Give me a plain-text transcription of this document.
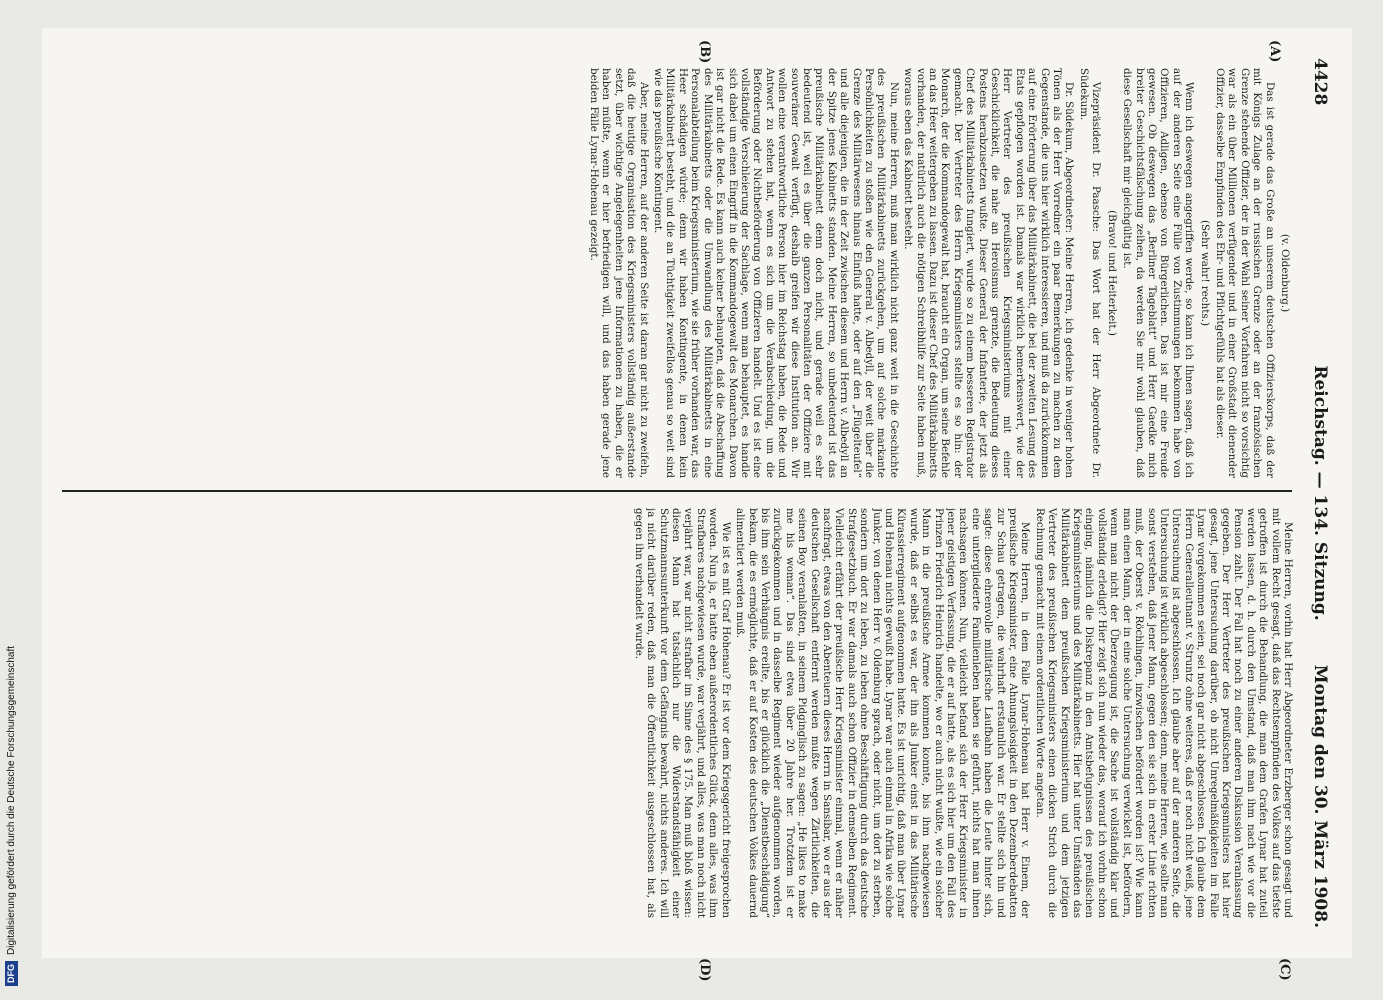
DFGDigitalisierung gefördert durch die Deutsche Forschungsgemeinschaft
4428
Reichstag. — 134. Sitzung.
Montag den 30. März 1908.
(A)
(B)
(C)
(D)

(v. Oldenburg.)

Das ist gerade das Große an unserem deutschen Offizierskorps, daß der mit Königs Zulage an der russischen Grenze oder an der französischen Grenze stehende Offizier, der in der Wahl seiner Vorfahren nicht so vorsichtig war als ein über Millionen verfügender und in einer Großstadt dienender Offizier, dasselbe Empfinden des Ehr- und Pflichtgefühls hat als dieser.

(Sehr wahr! rechts.)

Wenn ich deswegen angegriffen werde, so kann ich Ihnen sagen, daß ich auf der anderen Seite eine Fülle von Zustimmungen bekommen habe von Offizieren, Adligen, ebenso von Bürgerlichen. Das ist mir eine Freude gewesen. Ob deswegen das „Berliner Tageblatt“ und Herr Gaedke mich breiter Geschichtsfälschung zeihen, da werden Sie mir wohl glauben, daß diese Gesellschaft mir gleichgültig ist.

(Bravo! und Heiterkeit.)

Vizepräsident Dr. Paasche: Das Wort hat der Herr Abgeordnete Dr. Südekum.

Dr. Südekum, Abgeordneter: Meine Herren, ich gedenke in weniger hohen Tönen als der Herr Vorredner ein paar Bemerkungen zu machen zu dem Gegenstande, die uns hier wirklich interessieren, und muß da zurückkommen auf eine Erörterung über das Militärkabinett, die bei der zweiten Lesung des Etats gepflogen worden ist. Damals war wirklich bemerkenswert, wie der Herr Vertreter des preußischen Kriegsministeriums mit einer Geschicklichkeit, die nahe an Heroismus grenzte, die Bedeutung dieses Postens herabzusetzen wußte. Dieser General der Infanterie, der jetzt als Chef des Militärkabinetts fungiert, wurde so zu einem besseren Registrator gemacht. Der Vertreter des Herrn Kriegsministers stellte es so hin: der Monarch, der die Kommandogewalt hat, braucht ein Organ, um seine Befehle an das Heer weitergeben zu lassen. Dazu ist dieser Chef des Militärkabinetts vorhanden, der natürlich auch die nötigen Schreibhilfe zur Seite haben muß, woraus eben das Kabinett besteht.

Nun, meine Herren, muß man wirklich nicht ganz weit in die Geschichte des preußischen Militärkabinetts zurückgehen, um auf solche markante Persönlichkeiten zu stoßen wie den General v. Albedyll, der weit über die Grenze des Militärwesens hinaus Einfluß hatte, oder auf den „Flügelteufel“ und alle diejenigen, die in der Zeit zwischen diesem und Herrn v. Albedyll an der Spitze jenes Kabinetts standen. Meine Herren, so unbedeutend ist das preußische Militärkabinett denn doch nicht, und gerade weil es sehr bedeutend ist, weil es über die ganzen Personalitäten der Offiziere mit souveräner Gewalt verfügt, deshalb greifen wir diese Institution an. Wir wollen eine verantwortliche Person hier im Reichstag haben, die Rede und Antwort zu stehen hat, wenn es sich um die Verabschiedung, um die Beförderung oder Nichtbeförderung von Offizieren handelt. Und es ist eine vollständige Verschleierung der Sachlage, wenn man behauptet, es handle sich dabei um einen Eingriff in die Kommandogewalt des Monarchen. Davon ist gar nicht die Rede. Es kann auch keiner behaupten, daß die Abschaffung des Militärkabinetts oder die Umwandlung des Militärkabinetts in eine Personalabteilung beim Kriegsministerium, wie sie früher vorhanden war, das Heer schädigen würde; denn wir haben Kontingente, in denen kein Militärkabinett besteht, und die an Tüchtigkeit zweifellos genau so weit sind wie das preußische Kontingent.

Aber, meine Herren, auf der anderen Seite ist daran gar nicht zu zweifeln, daß die heutige Organisation des Kriegsministers vollständig außerstande setzt, über wichtige Angelegenheiten jene Informationen zu haben, die er haben müßte, wenn er hier befriedigen will, und das haben gerade jene beiden Fälle Lynar-Hohenau gezeigt.

Meine Herren, vorhin hat Herr Abgeordneter Erzberger schon gesagt und mit vollem Recht gesagt, daß das Rechtsempfinden des Volkes auf das tiefste getroffen ist durch die Behandlung, die man dem Grafen Lynar hat zuteil werden lassen, d. h. durch den Umstand, daß man ihm nach wie vor die Pension zahlt. Der Fall hat noch zu einer anderen Diskussion Veranlassung gegeben. Der Herr Vertreter des preußischen Kriegsministers hat hier gesagt, jene Untersuchung darüber, ob nicht Unregelmäßigkeiten im Falle Lynar vorgekommen seien, sei noch gar nicht abgeschlossen. Ich glaube dem Herrn Generalleutnant v. Struntz ohne weiteres, daß er noch nicht weiß, jene Untersuchung ist abgeschlossen. Ich glaube aber auf der anderen Seite, die Untersuchung ist wirklich abgeschlossen; denn, meine Herren, wie sollte man sonst verstehen, daß jener Mann, gegen den sie sich in erster Linie richten muß, der Oberst v. Röchlingen, inzwischen befördert worden ist? Wie kann man einen Mann, der in eine solche Untersuchung verwickelt ist, befördern, wenn man nicht der Überzeugung ist, die Sache ist vollständig klar und vollständig erledigt? Hier zeigt sich nun wieder das, worauf ich vorhin schon einging, nämlich die Diskrepanz in den Amtsbefugnissen des preußischen Kriegsministeriums und des Militärkabinetts. Hier hat unter Umständen das Militärkabinett dem preußischen Kriegsministerium und dem jetzigen Vertreter des preußischen Kriegsministers einen dicken Strich durch die Rechnung gemacht mit einem ordentlichen Worte angetan.

Meine Herren, in dem Falle Lynar-Hohenau hat Herr v. Einem, der preußische Kriegsminister, eine Ahnungslosigkeit in den Dezemberdebatten zur Schau getragen, die wahrhaft erstaunlich war. Er stellte sich hin und sagte: diese ehrenvolle militärische Laufbahn haben die Leute hinter sich, eine untergliederte Familienleben haben sie geführt, nichts hat man ihnen nachsagen können. Nun, vielleicht befand sich der Herr Kriegsminister in jener geistigen Verfassung, die er auf hatte, als es sich hier um den Fall des Prinzen Friedrich Heinrich handelte, wo er auch nicht wußte, wie ein solcher Mann in die preußische Armee kommen konnte, bis ihm nachgewiesen wurde, daß er selbst es war, der ihn als Junker einst in das Militärische Kürassierregiment aufgenommen hatte. Es ist unrichtig, daß man über Lynar und Hohenau nichts gewußt habe. Lynar war auch einmal in Afrika wie solche Junker, von denen Herr v. Oldenburg sprach, oder nicht, um dort zu sterben, sondern um dort zu leben, zu leben ohne Beschäftigung durch das deutsche Strafgesetzbuch. Er war damals auch schon Offizier in demselben Regiment. Vielleicht erfährt der preußische Herr Kriegsminister einmal, wenn er näher nachfragt, etwas von den Abenteuern dieses Herrn in Sansibar, wo er aus der deutschen Gesellschaft entfernt werden mußte wegen Zärtlichkeiten, die seinen Boy veranlaßten, in seinem Pidginglisch zu sagen: „He likes to make me his woman“. Das sind etwa über 20 Jahre her. Trotzdem ist er zurückgekommen und in dasselbe Regiment wieder aufgenommen worden, bis ihm sein Verhängnis ereilte, bis er glücklich die „Dienstbeschädigung“ bekam, die es ermöglichte, daß er auf Kosten des deutschen Volkes dauernd alimentiert werden muß.

Wie ist es mit Graf Hohenau? Er ist vor dem Kriegsgericht freigesprochen worden. Nun ja, er hatte eben außerordentliches Glück, denn alles, was ihm Strafbares nachgewiesen wurde, war verjährt, und alles, was man noch nicht verjährt war, war nicht strafbar im Sinne des § 175. Man muß bloß wissen: diesen Mann hat tatsächlich nur die Widerstandsfähigkeit einer Schutzmannsunterkunft vor dem Gefängnis bewahrt, nichts anderes. Ich will ja nicht darüber reden, daß man die Öffentlichkeit ausgeschlossen hat, als gegen ihn verhandelt wurde.
